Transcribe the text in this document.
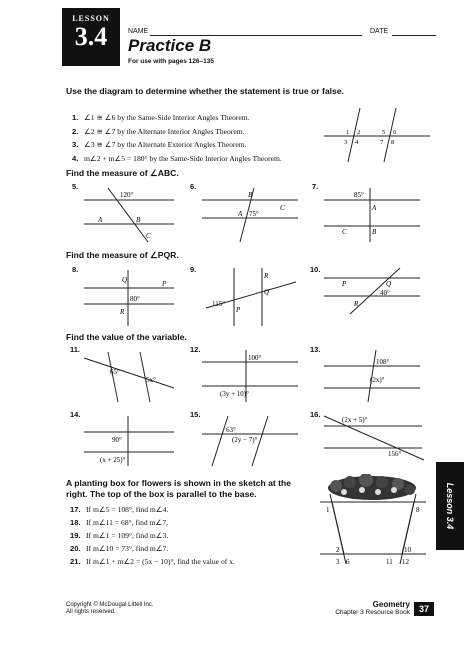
LESSON
3.4	NAME	DATE
Practice B
For use with pages 126–135
Use the diagram to determine whether the statement is true or false.
1. ∠1 ≅ ∠6 by the Same-Side Interior Angles Theorem.
2. ∠2 ≅ ∠7 by the Alternate Interior Angles Theorem.
3. ∠3 ≅ ∠7 by the Alternate Exterior Angles Theorem.
4. m∠2 + m∠5 = 180° by the Same-Side Interior Angles Theorem.
1 2	5 6
3 4	7 8
Find the measure of ∠ABC.
5.
120°
A	B
C
6.
B
C
A 75°
7.
85°
A
C	B
Find the measure of ∠PQR.
8.
Q	P
80°
R
9.
R
Q
115°
P
10.
P	Q
40°
R
Find the value of the variable.
11.
65°
5x°
12.
100°
(3y + 10)°
13.
108°
(2x)°
14.
90°
(x + 25)°
15.
63°
(2y − 7)°
16.
(2x + 5)°
156°
A planting box for flowers is shown in the sketch at the right. The top of the box is parallel to the base.
17. If m∠5 = 108°, find m∠4.
18. If m∠11 = 68°, find m∠7.
19. If m∠1 = 109°, find m∠3.
20. If m∠10 = 73°, find m∠7.
21. If m∠1 + m∠2 = (5x − 10)°, find the value of x.
1	8
2	10
3 6	11 12
Lesson 3.4
Copyright © McDougal Littell Inc.
All rights reserved.
Geometry
Chapter 3 Resource Book 37
